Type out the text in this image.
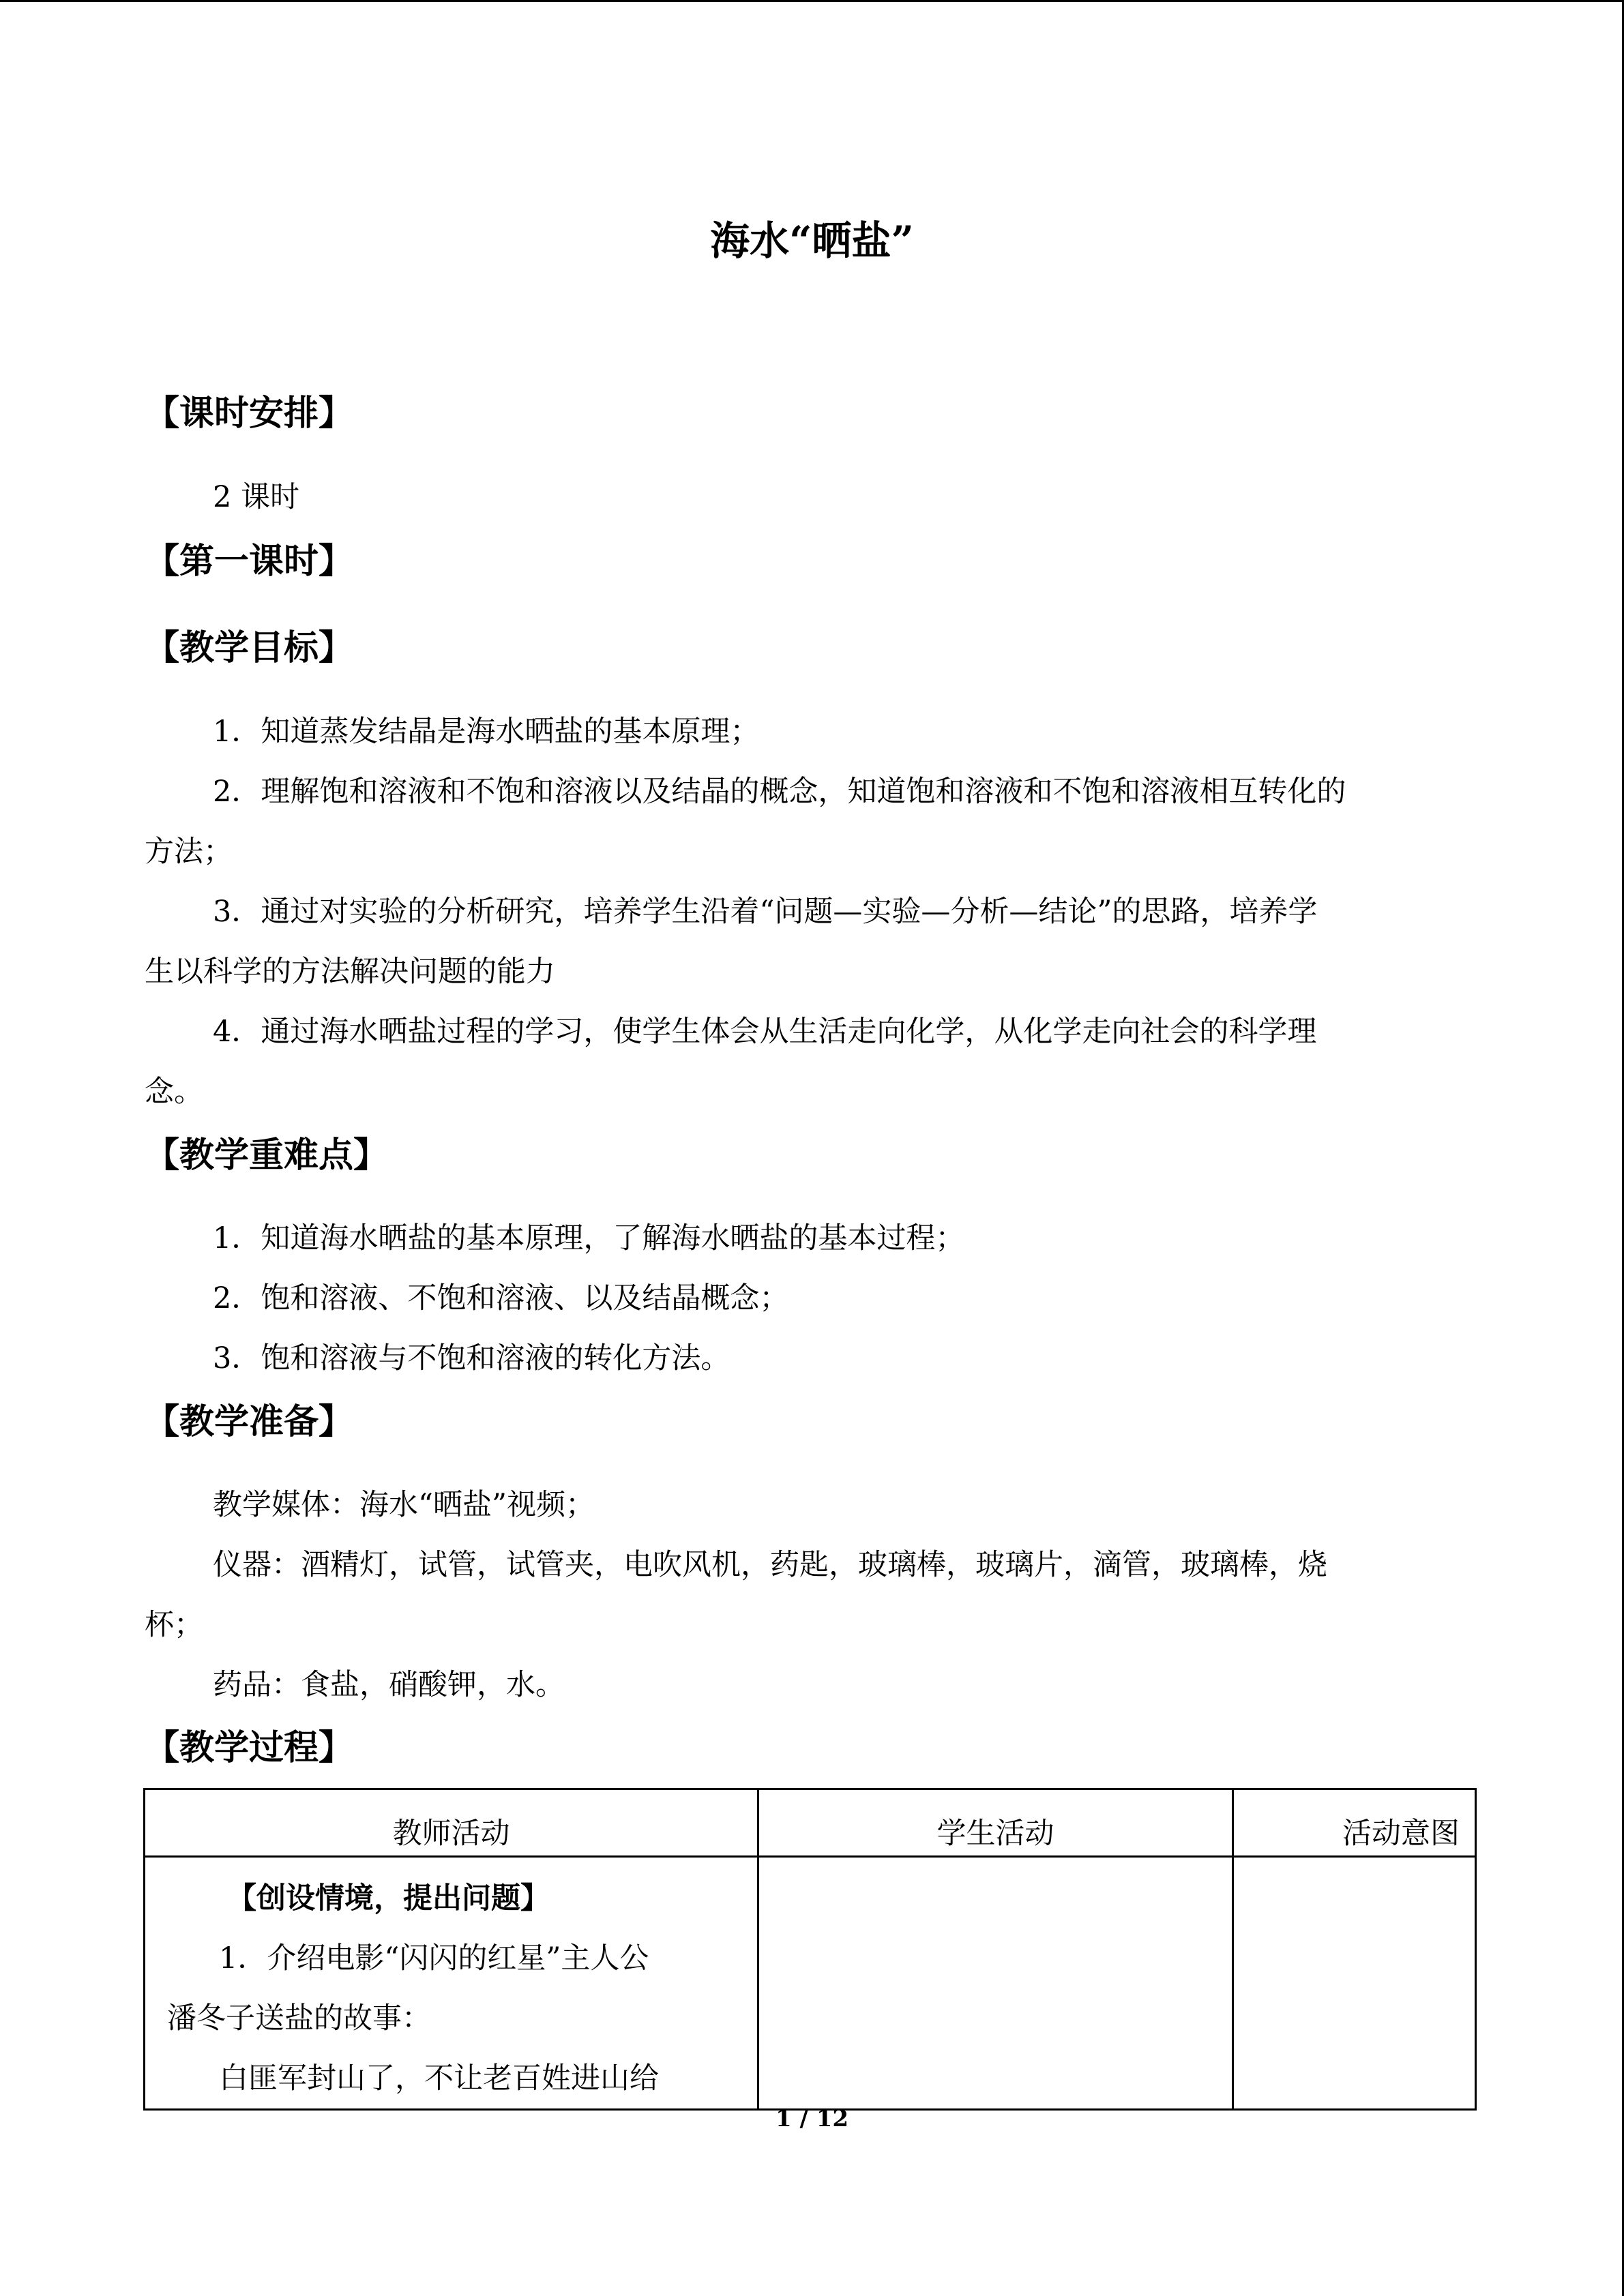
海水“晒盐”
【课时安排】
2 课时
【第一课时】
【教学目标】
1．知道蒸发结晶是海水晒盐的基本原理；
2．理解饱和溶液和不饱和溶液以及结晶的概念，知道饱和溶液和不饱和溶液相互转化的
方法；
3．通过对实验的分析研究，培养学生沿着“问题—实验—分析—结论”的思路，培养学
生以科学的方法解决问题的能力
4．通过海水晒盐过程的学习，使学生体会从生活走向化学，从化学走向社会的科学理
念。
【教学重难点】
1．知道海水晒盐的基本原理，了解海水晒盐的基本过程；
2．饱和溶液、不饱和溶液、以及结晶概念；
3．饱和溶液与不饱和溶液的转化方法。
【教学准备】
教学媒体：海水“晒盐”视频；
仪器：酒精灯，试管，试管夹，电吹风机，药匙，玻璃棒，玻璃片，滴管，玻璃棒，烧
杯；
药品：食盐，硝酸钾，水。
【教学过程】
教师活动	学生活动	活动意图

【创设情境，提出问题】
1．介绍电影“闪闪的红星”主人公
潘冬子送盐的故事：
白匪军封山了，不让老百姓进山给		

1 / 12
